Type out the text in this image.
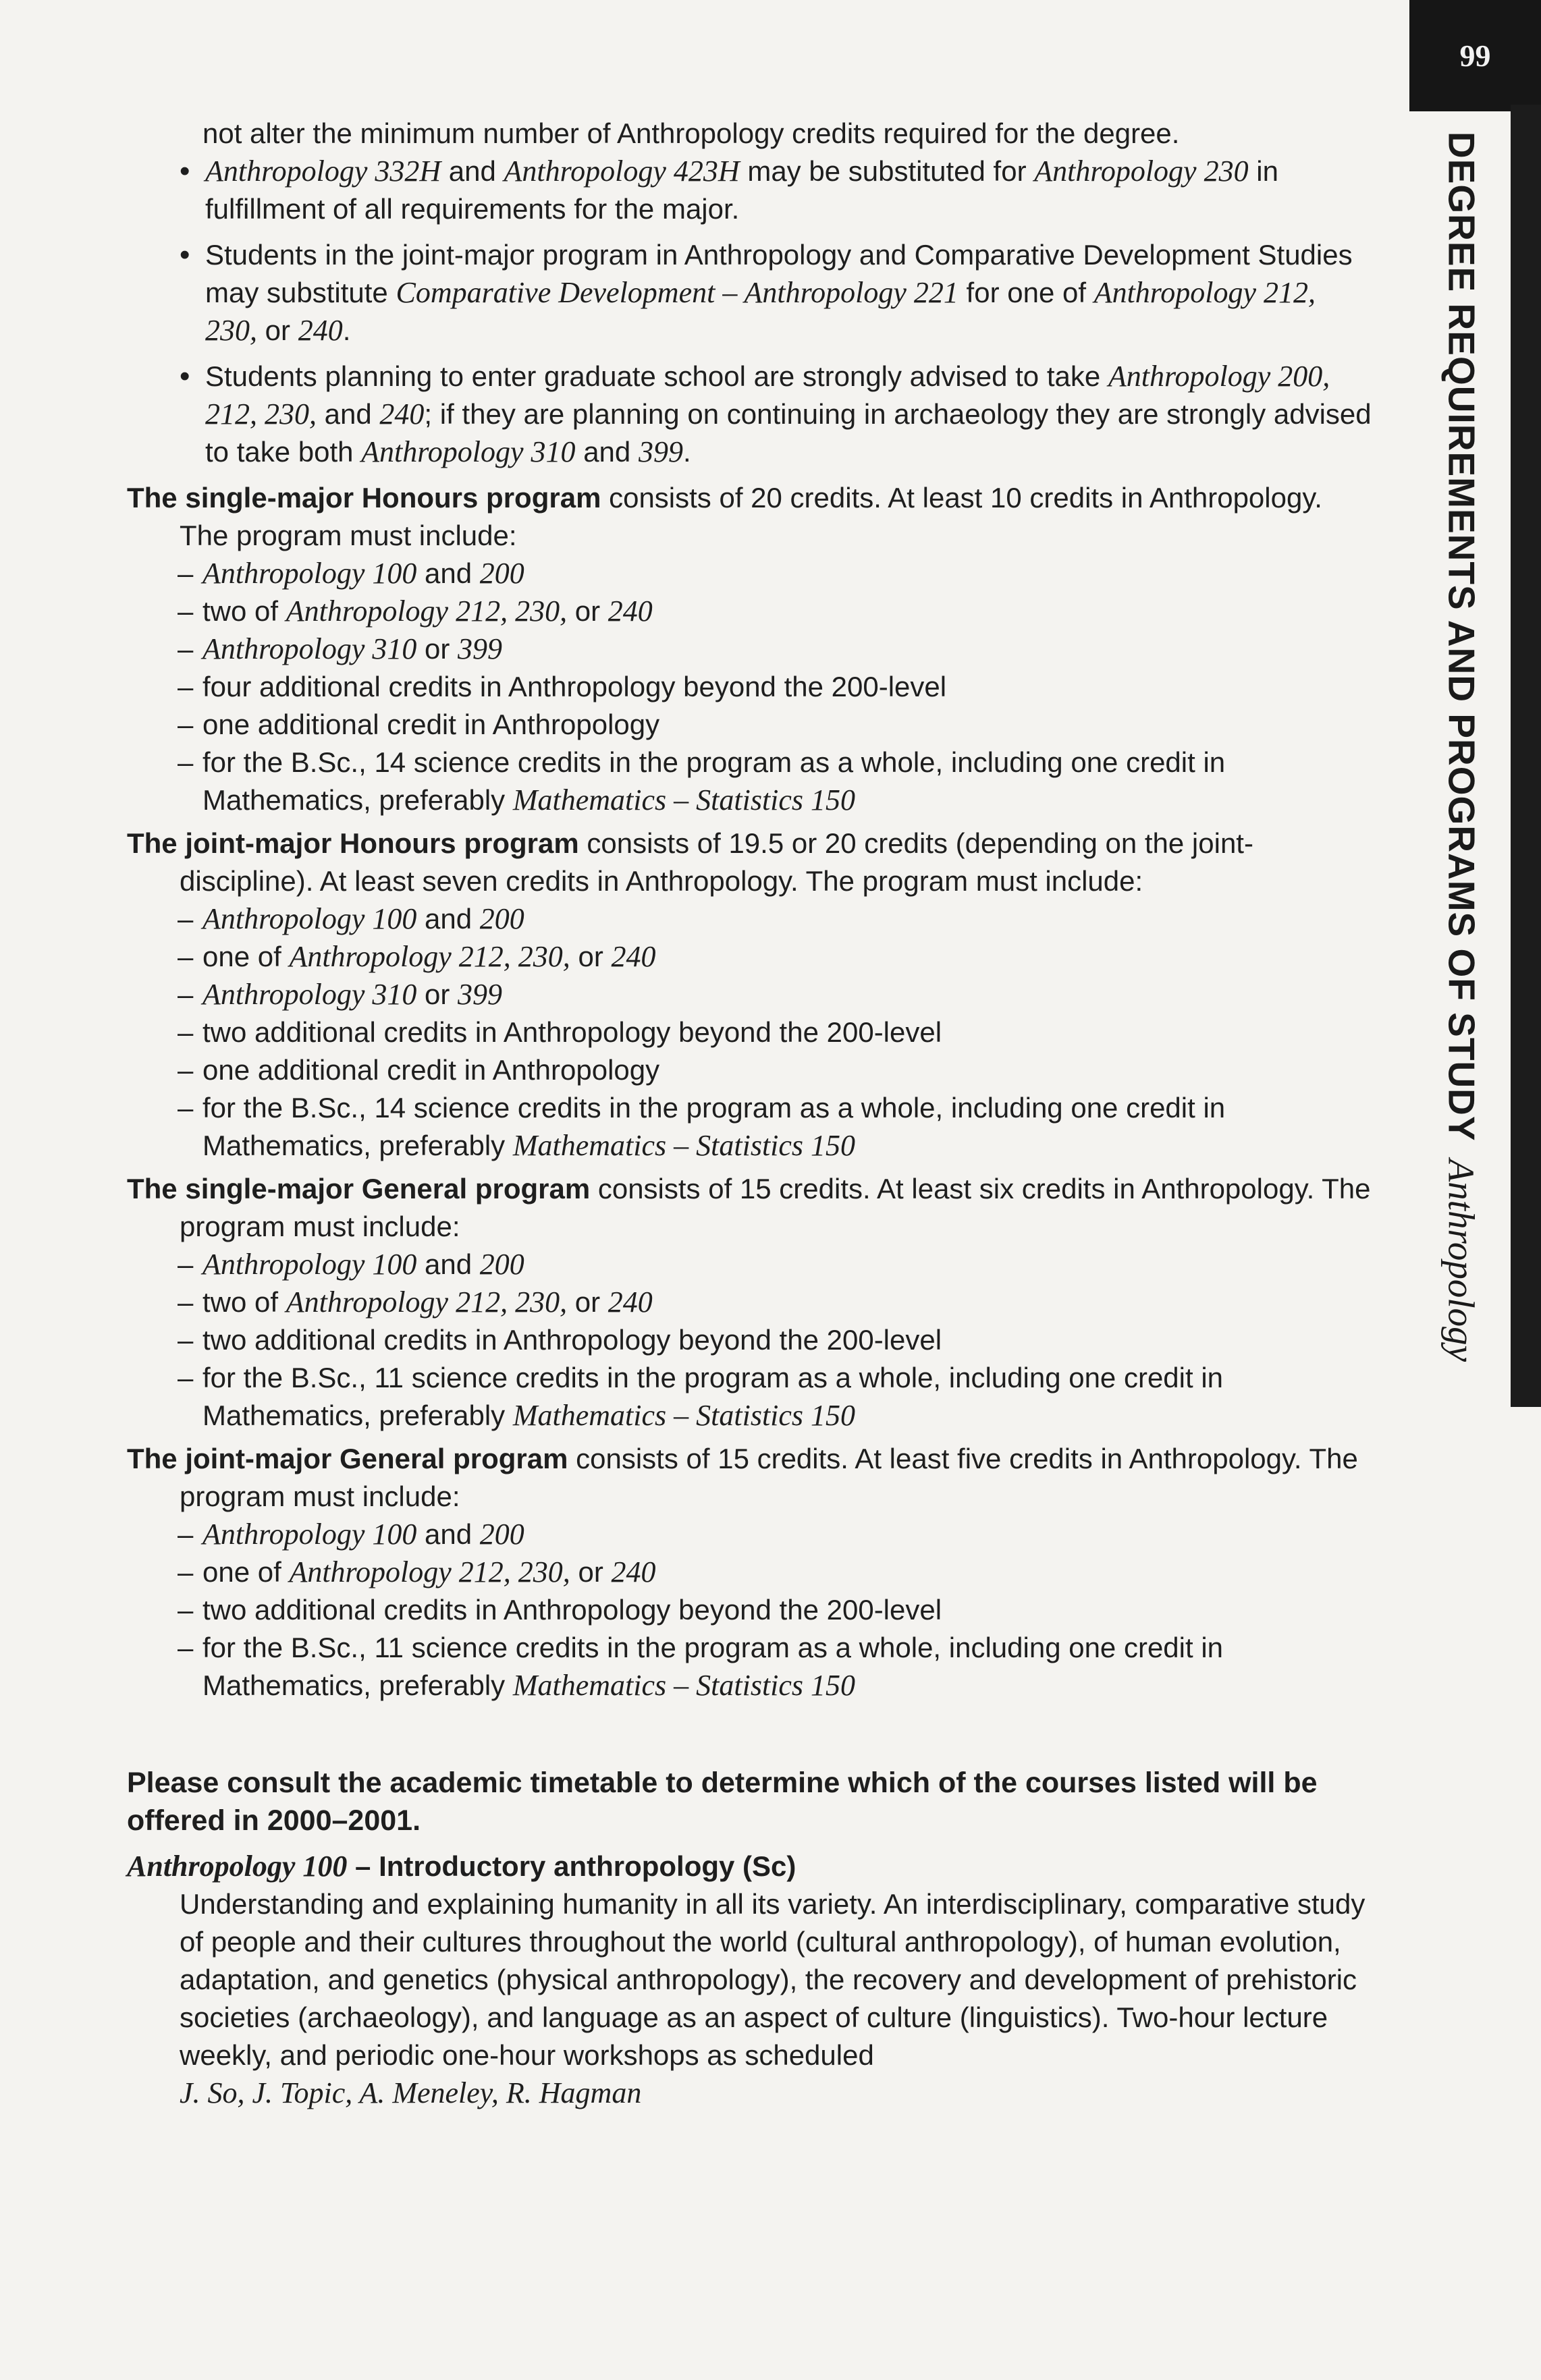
99
DEGREE REQUIREMENTS AND PROGRAMS OF STUDYAnthropology

not alter the minimum number of Anthropology credits required for the degree.

• Anthropology 332H and Anthropology 423H may be substituted for Anthropology 230 in fulfillment of all requirements for the major.

• Students in the joint-major program in Anthropology and Comparative Development Studies may substitute Comparative Development – Anthropology 221 for one of Anthropology 212, 230, or 240.

• Students planning to enter graduate school are strongly advised to take Anthropology 200, 212, 230, and 240; if they are planning on continuing in archaeology they are strongly advised to take both Anthropology 310 and 399.

The single-major Honours program consists of 20 credits. At least 10 credits in Anthropology. The program must include:

– Anthropology 100 and 200

– two of Anthropology 212, 230, or 240

– Anthropology 310 or 399

– four additional credits in Anthropology beyond the 200-level

– one additional credit in Anthropology

– for the B.Sc., 14 science credits in the program as a whole, including one credit in Mathematics, preferably Mathematics – Statistics 150

The joint-major Honours program consists of 19.5 or 20 credits (depending on the joint-discipline). At least seven credits in Anthropology. The program must include:

– Anthropology 100 and 200

– one of Anthropology 212, 230, or 240

– Anthropology 310 or 399

– two additional credits in Anthropology beyond the 200-level

– one additional credit in Anthropology

– for the B.Sc., 14 science credits in the program as a whole, including one credit in Mathematics, preferably Mathematics – Statistics 150

The single-major General program consists of 15 credits. At least six credits in Anthropology. The program must include:

– Anthropology 100 and 200

– two of Anthropology 212, 230, or 240

– two additional credits in Anthropology beyond the 200-level

– for the B.Sc., 11 science credits in the program as a whole, including one credit in Mathematics, preferably Mathematics – Statistics 150

The joint-major General program consists of 15 credits. At least five credits in Anthropology. The program must include:

– Anthropology 100 and 200

– one of Anthropology 212, 230, or 240

– two additional credits in Anthropology beyond the 200-level

– for the B.Sc., 11 science credits in the program as a whole, including one credit in Mathematics, preferably Mathematics – Statistics 150

Please consult the academic timetable to determine which of the courses listed will be offered in 2000–2001.

Anthropology 100 – Introductory anthropology (Sc)

Understanding and explaining humanity in all its variety. An interdisciplinary, comparative study of people and their cultures throughout the world (cultural anthropology), of human evolution, adaptation, and genetics (physical anthropology), the recovery and development of prehistoric societies (archaeology), and language as an aspect of culture (linguistics). Two-hour lecture weekly, and periodic one-hour workshops as scheduled

J. So, J. Topic, A. Meneley, R. Hagman
